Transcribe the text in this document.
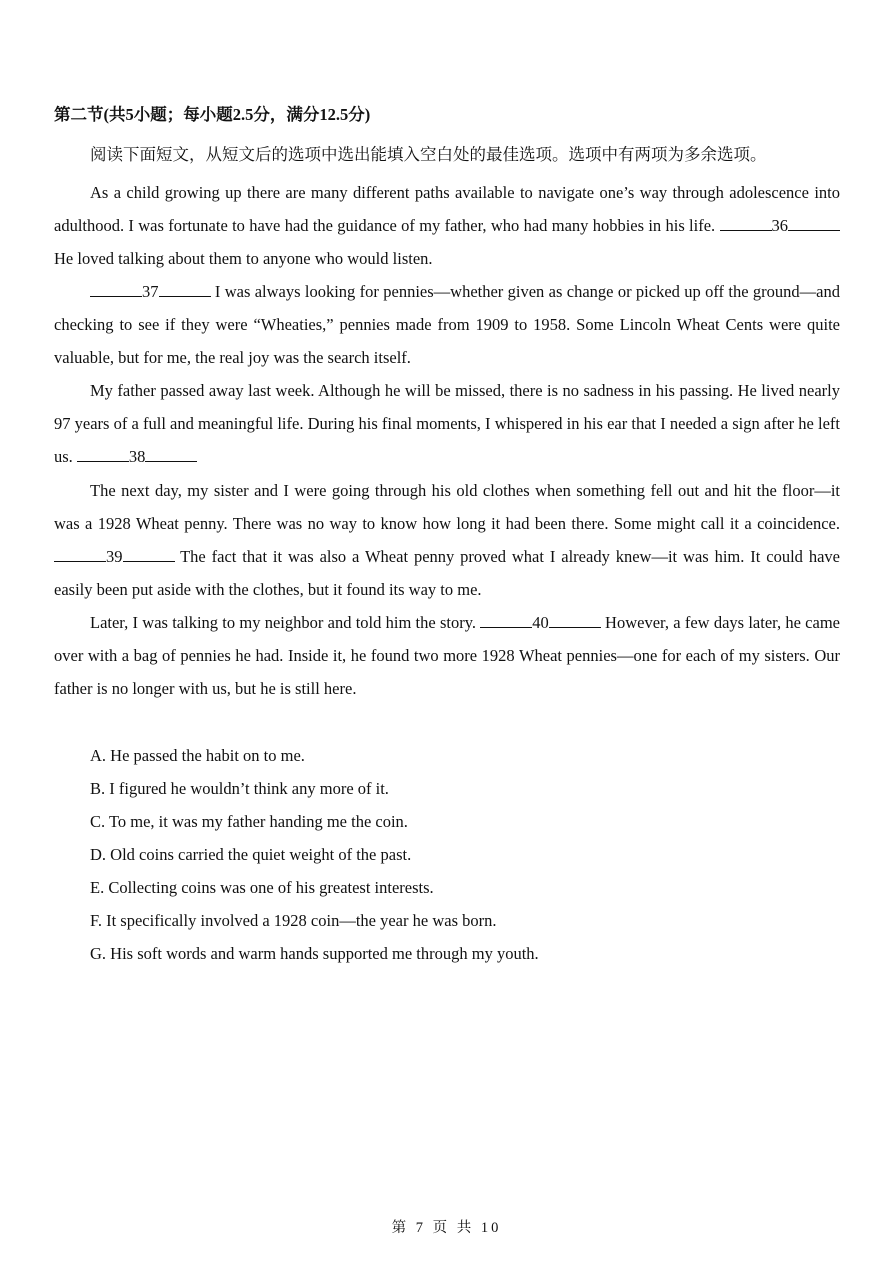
第二节(共5小题；每小题2.5分，满分12.5分)
阅读下面短文，从短文后的选项中选出能填入空白处的最佳选项。选项中有两项为多余选项。

As a child growing up there are many different paths available to navigate one’s way through adolescence into adulthood. I was fortunate to have had the guidance of my father, who had many hobbies in his life.	36 He loved talking about them to anyone who would listen.

37	I was always looking for pennies—whether given as change or picked up off the ground—and checking to see if they were “Wheaties,” pennies made from 1909 to 1958. Some Lincoln Wheat Cents were quite valuable, but for me, the real joy was the search itself.

My father passed away last week. Although he will be missed, there is no sadness in his passing. He lived nearly 97 years of a full and meaningful life. During his final moments, I whispered in his ear that I needed a sign after he left us.	38

The next day, my sister and I were going through his old clothes when something fell out and hit the floor—it was a 1928 Wheat penny. There was no way to know how long it had been there. Some might call it a coincidence. 39	The fact that it was also a Wheat penny proved what I already knew—it was him. It could have easily been put aside with the clothes, but it found its way to me.

Later, I was talking to my neighbor and told him the story.	40	However, a few days later, he came over with a bag of pennies he had. Inside it, he found two more 1928 Wheat pennies—one for each of my sisters. Our father is no longer with us, but he is still here.

A. He passed the habit on to me.
B. I figured he wouldn’t think any more of it.
C. To me, it was my father handing me the coin.
D. Old coins carried the quiet weight of the past.
E. Collecting coins was one of his greatest interests.
F. It specifically involved a 1928 coin—the year he was born.
G. His soft words and warm hands supported me through my youth.
第 7 页 共 10
